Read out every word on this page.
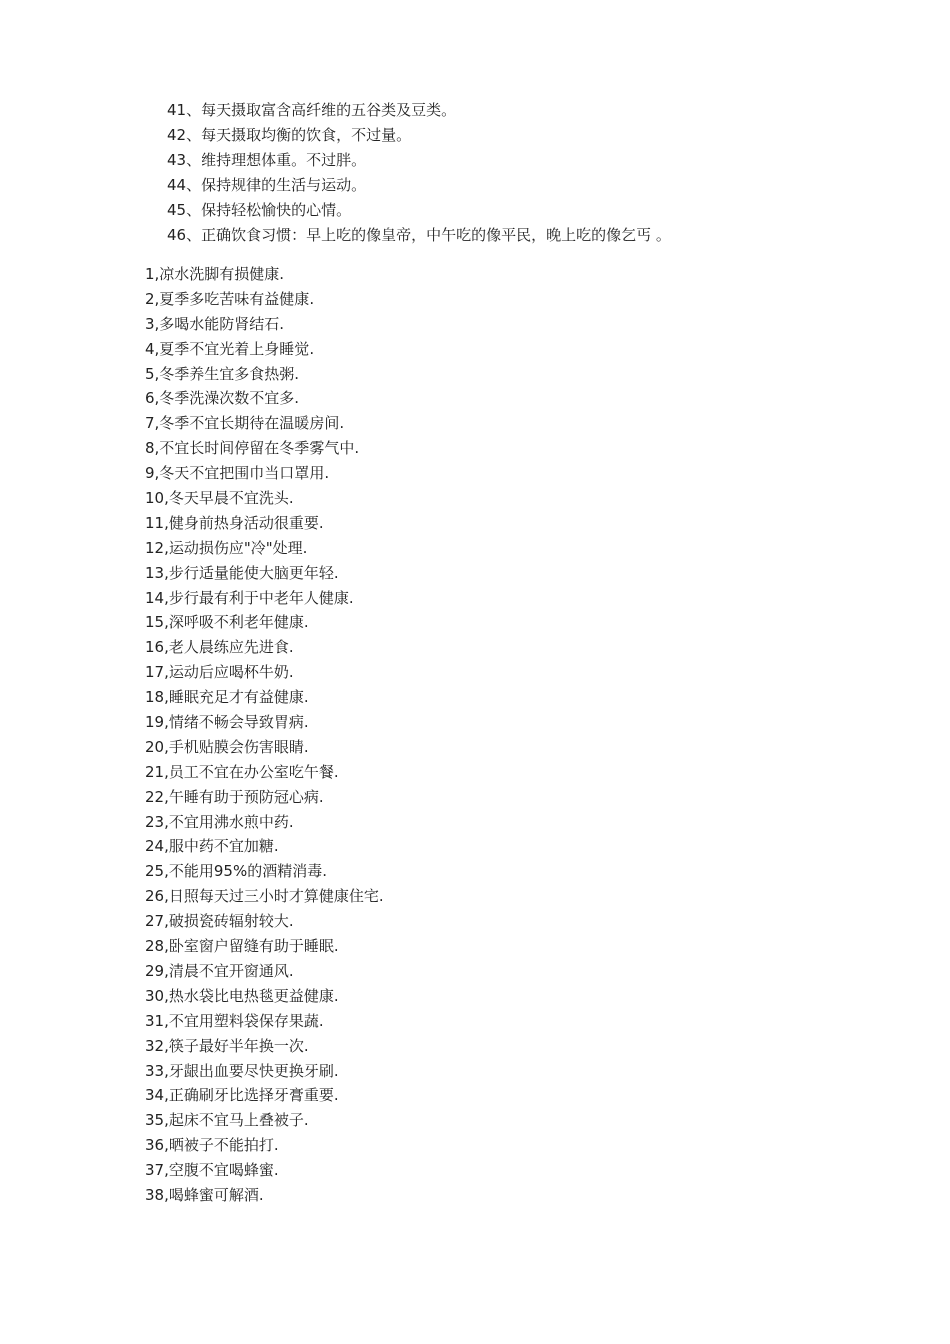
41、每天摄取富含高纤维的五谷类及豆类。
42、每天摄取均衡的饮食，不过量。
43、维持理想体重。不过胖。
44、保持规律的生活与运动。
45、保持轻松愉快的心情。
46、正确饮食习惯：早上吃的像皇帝，中午吃的像平民，晚上吃的像乞丐 。
1,凉水洗脚有损健康.
2,夏季多吃苦味有益健康.
3,多喝水能防肾结石.
4,夏季不宜光着上身睡觉.
5,冬季养生宜多食热粥.
6,冬季洗澡次数不宜多.
7,冬季不宜长期待在温暖房间.
8,不宜长时间停留在冬季雾气中.
9,冬天不宜把围巾当口罩用.
10,冬天早晨不宜洗头.
11,健身前热身活动很重要.
12,运动损伤应"冷"处理.
13,步行适量能使大脑更年轻.
14,步行最有利于中老年人健康.
15,深呼吸不利老年健康.
16,老人晨练应先进食.
17,运动后应喝杯牛奶.
18,睡眠充足才有益健康.
19,情绪不畅会导致胃病.
20,手机贴膜会伤害眼睛.
21,员工不宜在办公室吃午餐.
22,午睡有助于预防冠心病.
23,不宜用沸水煎中药.
24,服中药不宜加糖.
25,不能用95%的酒精消毒.
26,日照每天过三小时才算健康住宅.
27,破损瓷砖辐射较大.
28,卧室窗户留缝有助于睡眠.
29,清晨不宜开窗通风.
30,热水袋比电热毯更益健康.
31,不宜用塑料袋保存果蔬.
32,筷子最好半年换一次.
33,牙龈出血要尽快更换牙刷.
34,正确刷牙比选择牙膏重要.
35,起床不宜马上叠被子.
36,晒被子不能拍打.
37,空腹不宜喝蜂蜜.
38,喝蜂蜜可解酒.
